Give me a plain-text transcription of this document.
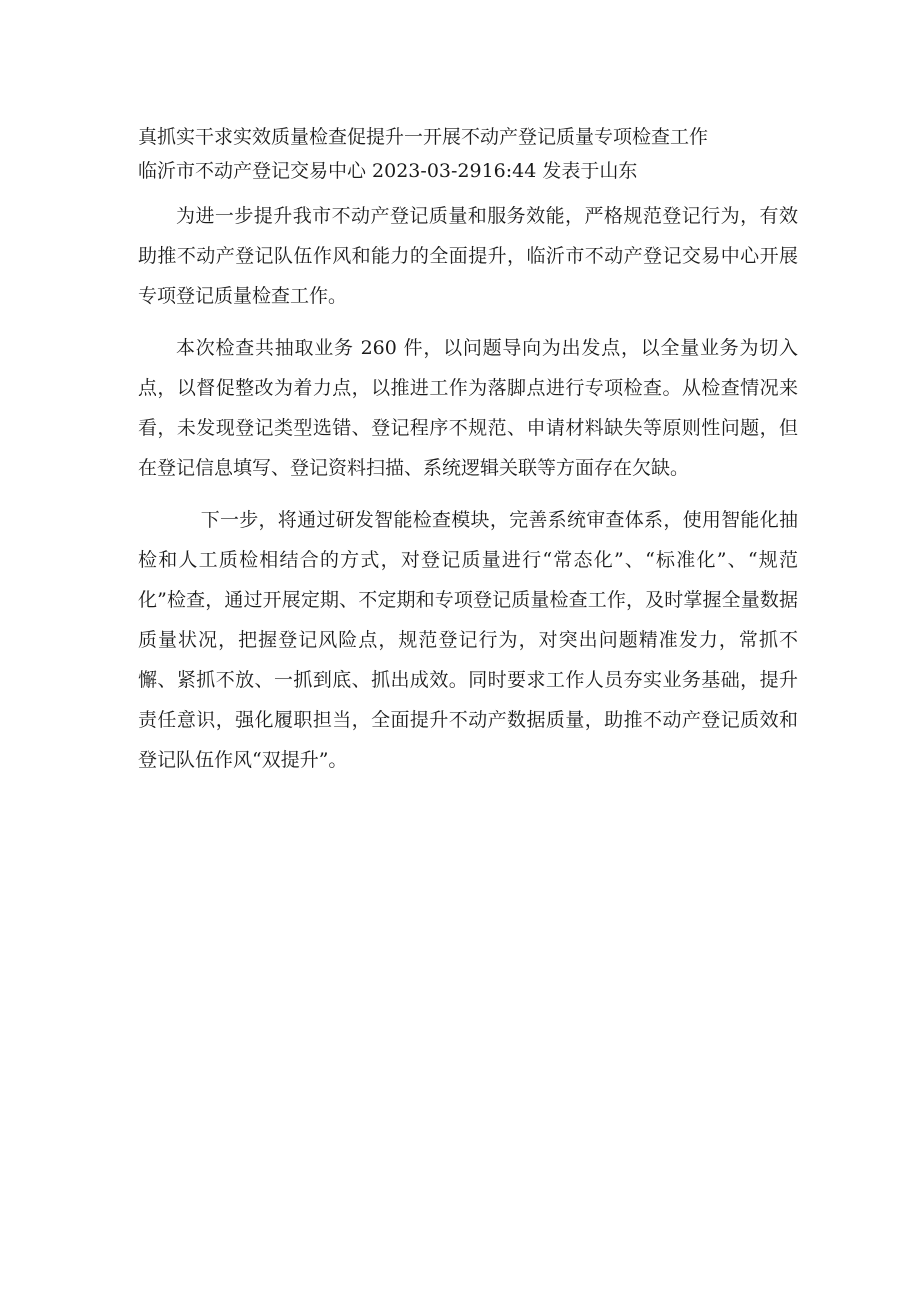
真抓实干求实效质量检查促提升一开展不动产登记质量专项检查工作

临沂市不动产登记交易中心 2023-03-2916:44 发表于山东

为进一步提升我市不动产登记质量和服务效能，严格规范登记行为，有效助推不动产登记队伍作风和能力的全面提升，临沂市不动产登记交易中心开展专项登记质量检查工作。

本次检查共抽取业务 260 件，以问题导向为出发点，以全量业务为切入点，以督促整改为着力点，以推进工作为落脚点进行专项检查。从检查情况来看，未发现登记类型选错、登记程序不规范、申请材料缺失等原则性问题，但在登记信息填写、登记资料扫描、系统逻辑关联等方面存在欠缺。

下一步，将通过研发智能检查模块，完善系统审查体系，使用智能化抽检和人工质检相结合的方式，对登记质量进行“常态化”、“标准化”、“规范化”检查，通过开展定期、不定期和专项登记质量检查工作，及时掌握全量数据质量状况，把握登记风险点，规范登记行为，对突出问题精准发力，常抓不懈、紧抓不放、一抓到底、抓出成效。同时要求工作人员夯实业务基础，提升责任意识，强化履职担当，全面提升不动产数据质量，助推不动产登记质效和登记队伍作风“双提升”。
